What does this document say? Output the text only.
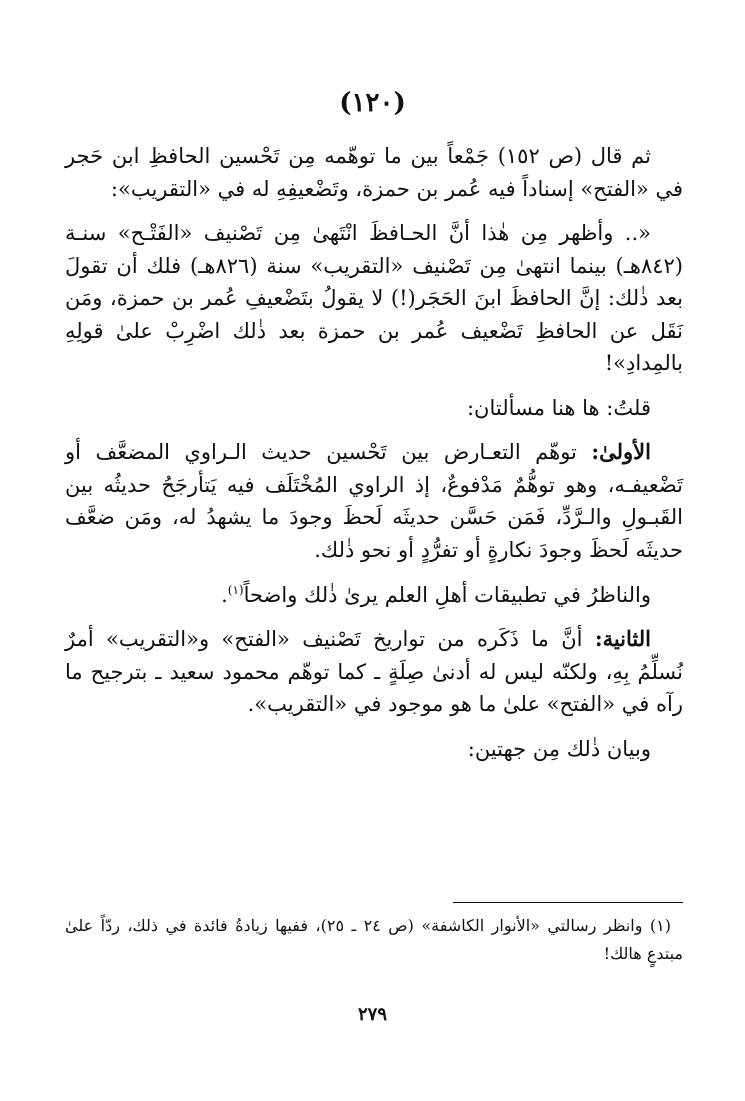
(١٢٠)

ثم قال (ص ١٥٢) جَمْعاً بين ما توهّمه مِن تَحْسين الحافظِ ابن حَجر في «الفتح» إسناداً فيه عُمر بن حمزة، وتَضْعيفِهِ له في «التقريب»:

«.. وأظهر مِن هٰذا أنَّ الحـافظَ انْتَهىٰ مِن تَصْنيف «الفَتْـح» سنـة (٨٤٢هـ) بينما انتهىٰ مِن تَصْنيف «التقريب» سنة (٨٢٦هـ) فلك أن تقولَ بعد ذٰلك: إنَّ الحافظَ ابنَ الحَجَر(!) لا يقولُ بتَضْعيفِ عُمر بن حمزة، ومَن نَقَل عن الحافظِ تَضْعيف عُمر بن حمزة بعد ذٰلك اضْرِبْ علىٰ قولِهِ بالمِدادِ»!

قلتُ: ها هنا مسألتان:

الأولىٰ: توهّم التعـارض بين تَحْسين حديث الـراوي المضعَّف أو تَضْعيفـه، وهو توهُّمٌ مَدْفوعٌ، إذ الراوي المُخْتَلَف فيه يَتأرجَحُ حديثُه بين القَبـولِ والـرَّدِّ، فَمَن حَسَّن حديثَه لَحظَ وجودَ ما يشهدُ له، ومَن ضعَّف حديثَه لَحظَ وجودَ نكارةٍ أو تفرُّدٍ أو نحو ذٰلك.

والناظرُ في تطبيقات أهلِ العلم يرىٰ ذٰلك واضحاً$^{(١)}$.

الثانية: أنَّ ما ذَكَره من تواريخ تَصْنيف «الفتح» و«التقريب» أمرٌ نُسلِّمُ بِهِ، ولكنّه ليس له أدنىٰ صِلَةٍ ـ كما توهّم محمود سعيد ـ بترجيح ما رآه في «الفتح» علىٰ ما هو موجود في «التقريب».

وبيان ذٰلك مِن جهتين:

(١) وانظر رسالتي «الأنوار الكاشفة» (ص ٢٤ ـ ٢٥)، ففيها زيادةُ فائدة في ذلك، ردّاً علىٰ مبتدعٍ هالك!

٢٧٩
